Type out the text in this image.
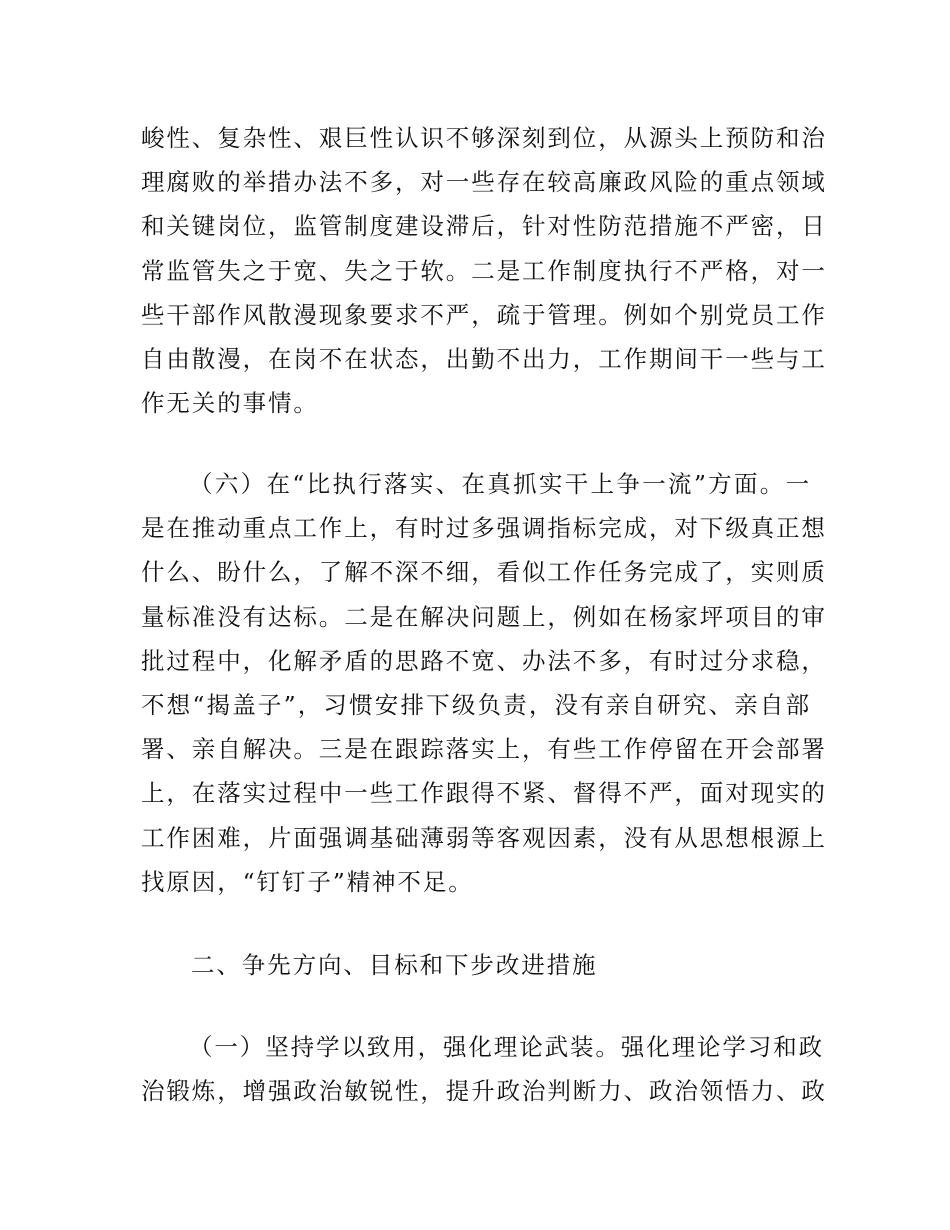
峻性、复杂性、艰巨性认识不够深刻到位，从源头上预防和治
理腐败的举措办法不多，对一些存在较高廉政风险的重点领域
和关键岗位，监管制度建设滞后，针对性防范措施不严密，日
常监管失之于宽、失之于软。二是工作制度执行不严格，对一
些干部作风散漫现象要求不严，疏于管理。例如个别党员工作
自由散漫，在岗不在状态，出勤不出力，工作期间干一些与工
作无关的事情。
（六）在“比执行落实、在真抓实干上争一流”方面。一
是在推动重点工作上，有时过多强调指标完成，对下级真正想
什么、盼什么，了解不深不细，看似工作任务完成了，实则质
量标准没有达标。二是在解决问题上，例如在杨家坪项目的审
批过程中，化解矛盾的思路不宽、办法不多，有时过分求稳，
不想“揭盖子”，习惯安排下级负责，没有亲自研究、亲自部
署、亲自解决。三是在跟踪落实上，有些工作停留在开会部署
上，在落实过程中一些工作跟得不紧、督得不严，面对现实的
工作困难，片面强调基础薄弱等客观因素，没有从思想根源上
找原因，“钉钉子”精神不足。
二、争先方向、目标和下步改进措施
（一）坚持学以致用，强化理论武装。强化理论学习和政
治锻炼，增强政治敏锐性，提升政治判断力、政治领悟力、政
